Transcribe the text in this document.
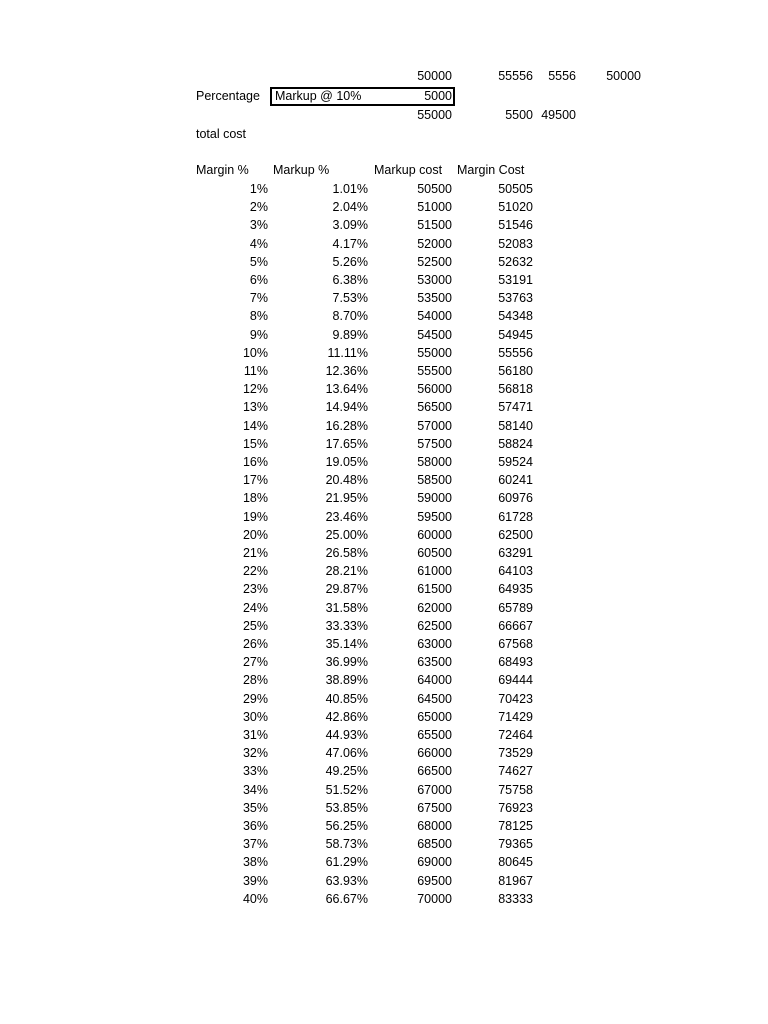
50000	55556	5556	50000
Percentage Markup @ 10%	5000
55000	5500 49500
total cost
Margin % Markup %	Markup cost Margin Cost
1%	1.01%	50500	50505
2%	2.04%	51000	51020
3%	3.09%	51500	51546
4%	4.17%	52000	52083
5%	5.26%	52500	52632
6%	6.38%	53000	53191
7%	7.53%	53500	53763
8%	8.70%	54000	54348
9%	9.89%	54500	54945
10%	11.11%	55000	55556
11%	12.36%	55500	56180
12%	13.64%	56000	56818
13%	14.94%	56500	57471
14%	16.28%	57000	58140
15%	17.65%	57500	58824
16%	19.05%	58000	59524
17%	20.48%	58500	60241
18%	21.95%	59000	60976
19%	23.46%	59500	61728
20%	25.00%	60000	62500
21%	26.58%	60500	63291
22%	28.21%	61000	64103
23%	29.87%	61500	64935
24%	31.58%	62000	65789
25%	33.33%	62500	66667
26%	35.14%	63000	67568
27%	36.99%	63500	68493
28%	38.89%	64000	69444
29%	40.85%	64500	70423
30%	42.86%	65000	71429
31%	44.93%	65500	72464
32%	47.06%	66000	73529
33%	49.25%	66500	74627
34%	51.52%	67000	75758
35%	53.85%	67500	76923
36%	56.25%	68000	78125
37%	58.73%	68500	79365
38%	61.29%	69000	80645
39%	63.93%	69500	81967
40%	66.67%	70000	83333
